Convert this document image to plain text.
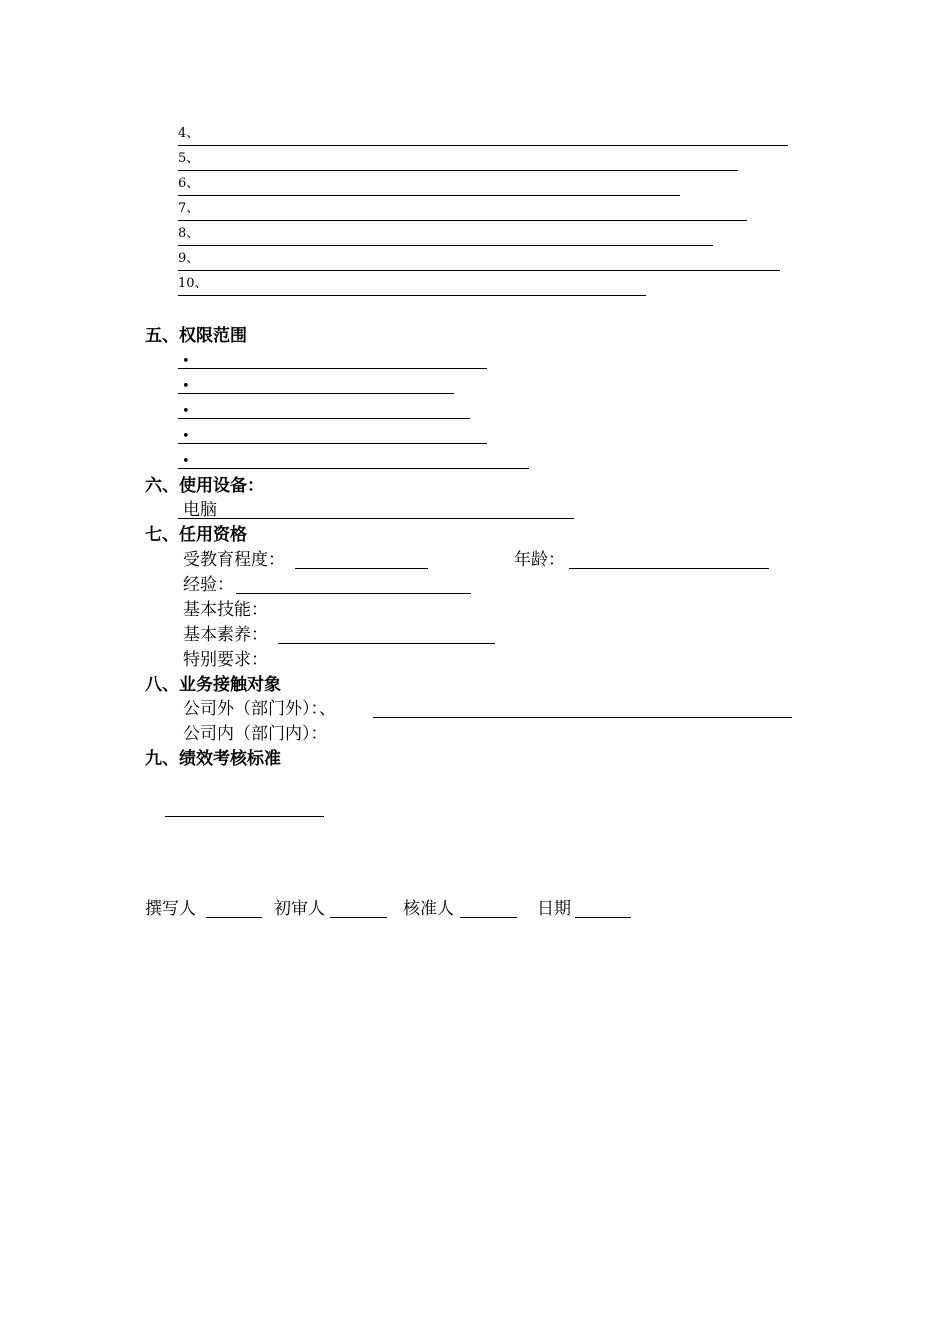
4、
5、
6、
7、
8、
9、
10、
五、权限范围
•
•
•
•
•
六、使用设备：
电脑
七、任用资格
受教育程度：	年龄：
经验：
基本技能：
基本素养：
特别要求：
八、业务接触对象
公司外（部门外）：、
公司内（部门内）：
九、绩效考核标准
撰写人	初审人	核准人	日期
